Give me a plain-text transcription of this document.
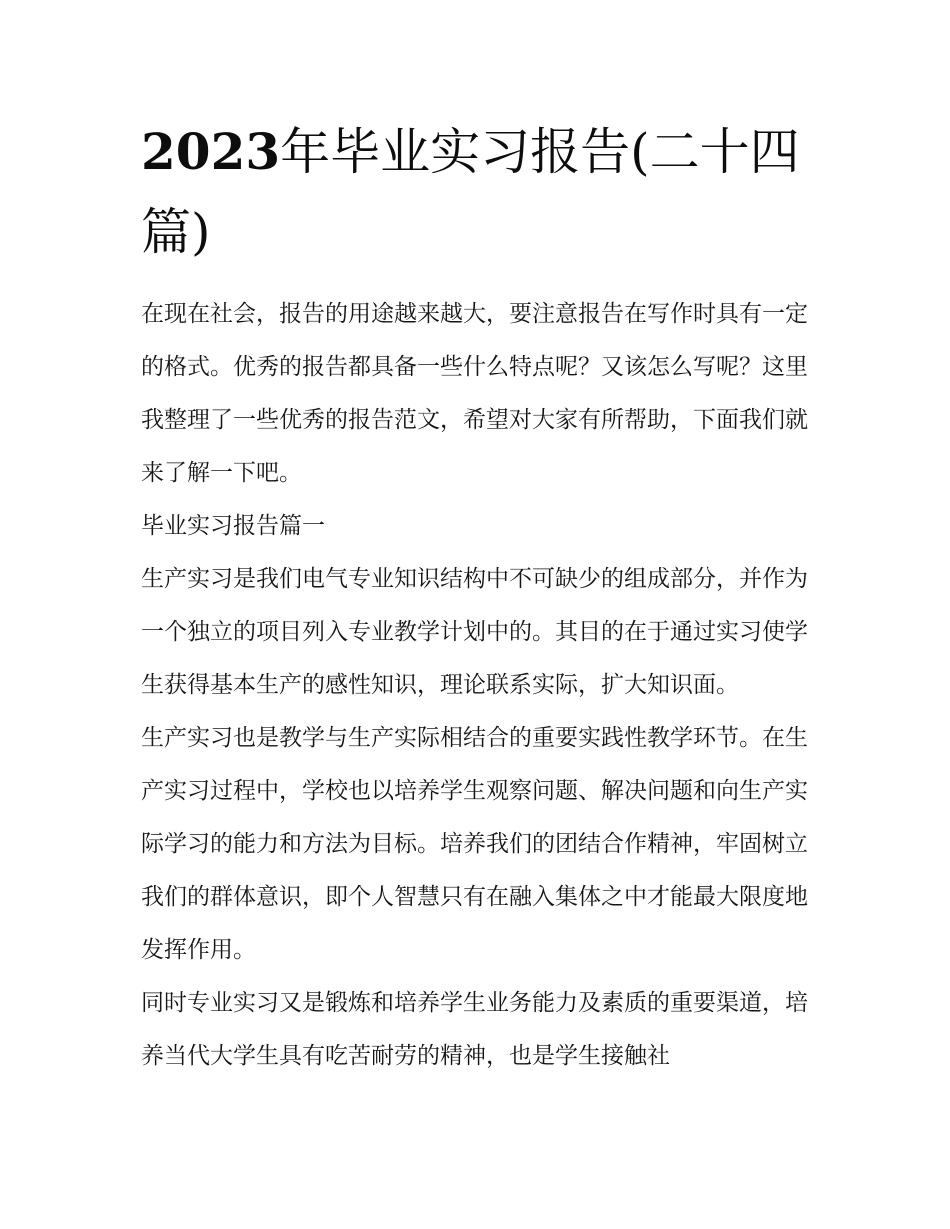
2023年毕业实习报告(二十四篇)

在现在社会，报告的用途越来越大，要注意报告在写作时具有一定的格式。优秀的报告都具备一些什么特点呢？又该怎么写呢？这里我整理了一些优秀的报告范文，希望对大家有所帮助，下面我们就来了解一下吧。

毕业实习报告篇一

生产实习是我们电气专业知识结构中不可缺少的组成部分，并作为一个独立的项目列入专业教学计划中的。其目的在于通过实习使学生获得基本生产的感性知识，理论联系实际，扩大知识面。

生产实习也是教学与生产实际相结合的重要实践性教学环节。在生产实习过程中，学校也以培养学生观察问题、解决问题和向生产实际学习的能力和方法为目标。培养我们的团结合作精神，牢固树立我们的群体意识，即个人智慧只有在融入集体之中才能最大限度地发挥作用。

同时专业实习又是锻炼和培养学生业务能力及素质的重要渠道，培养当代大学生具有吃苦耐劳的精神，也是学生接触社
